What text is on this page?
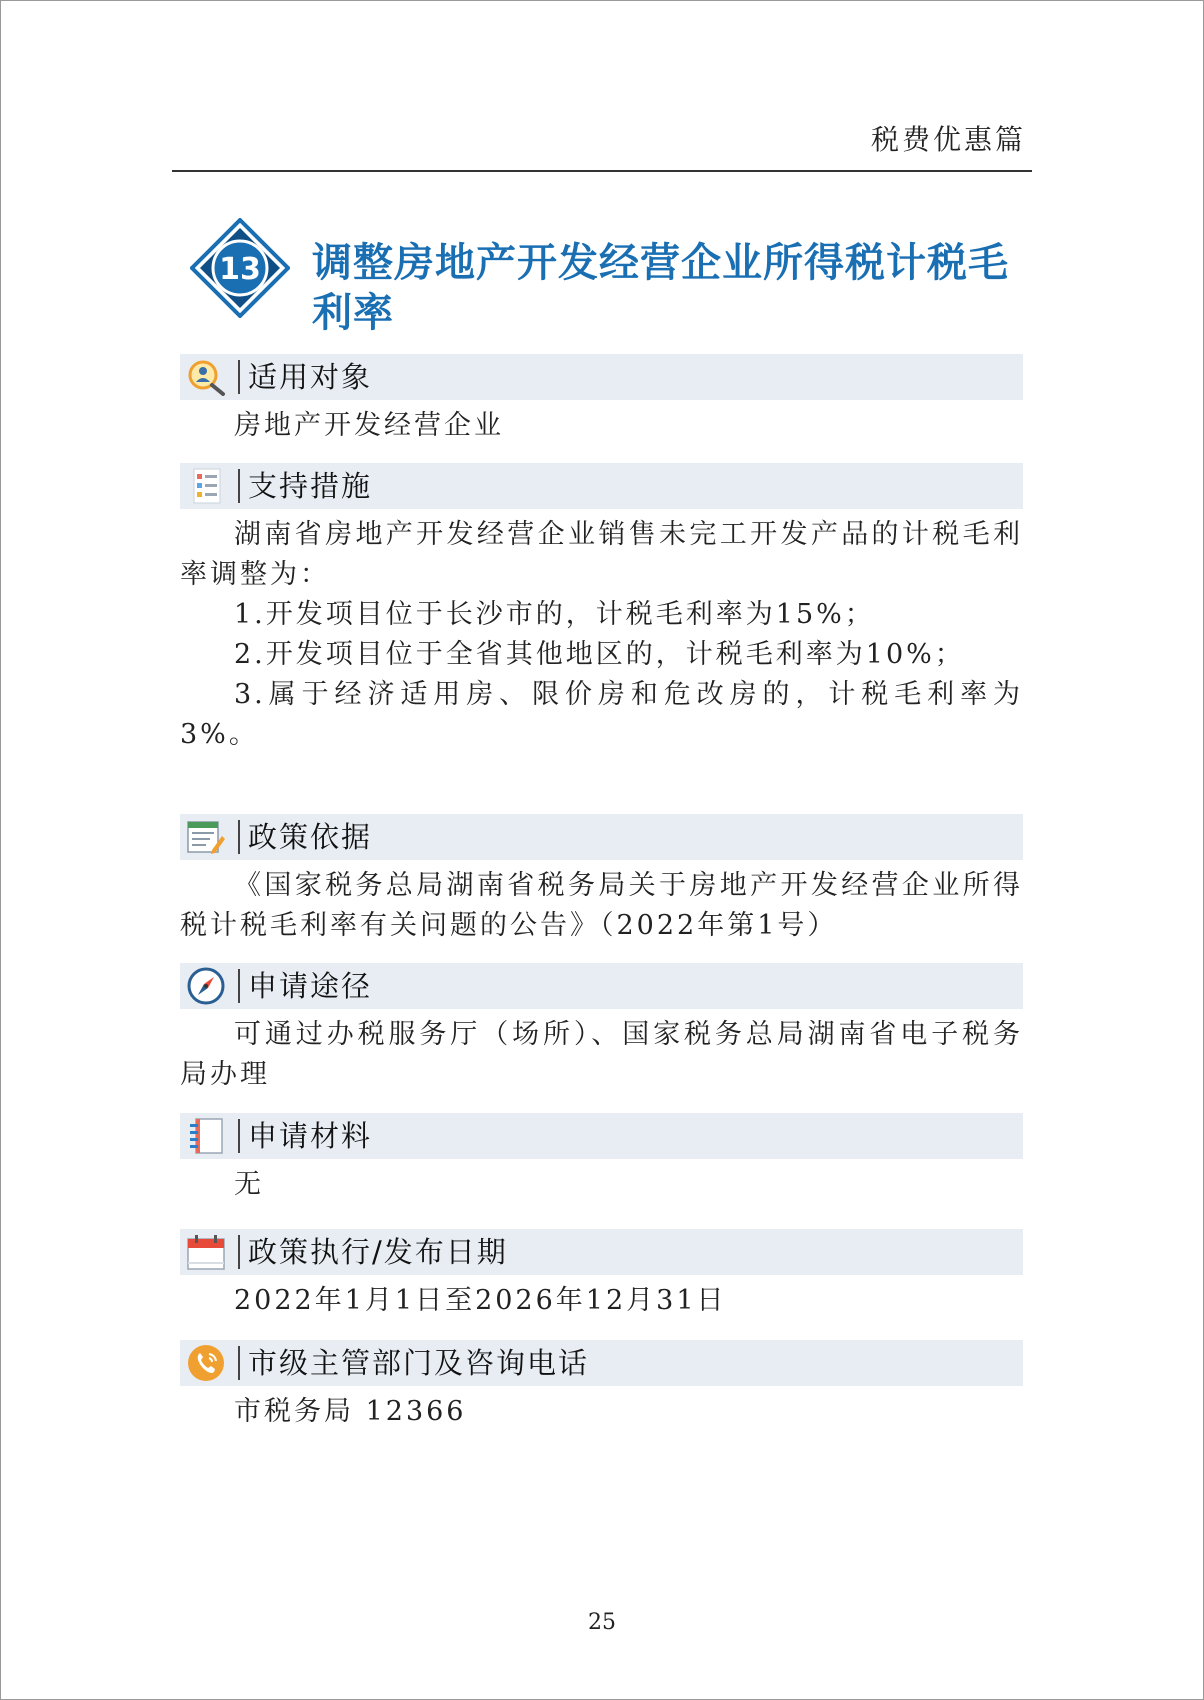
税费优惠篇
13 调整房地产开发经营企业所得税计税毛利率
适用对象

房地产开发经营企业

支持措施

湖南省房地产开发经营企业销售未完工开发产品的计税毛利率调整为：

1.开发项目位于长沙市的，计税毛利率为15%；

2.开发项目位于全省其他地区的，计税毛利率为10%；

3.属于经济适用房、限价房和危改房的，计税毛利率为3%。

政策依据

《国家税务总局湖南省税务局关于房地产开发经营企业所得税计税毛利率有关问题的公告》（2022年第1号）

申请途径

可通过办税服务厅（场所）、国家税务总局湖南省电子税务局办理

申请材料

无

政策执行/发布日期

2022年1月1日至2026年12月31日

市级主管部门及咨询电话

市税务局 12366

25
